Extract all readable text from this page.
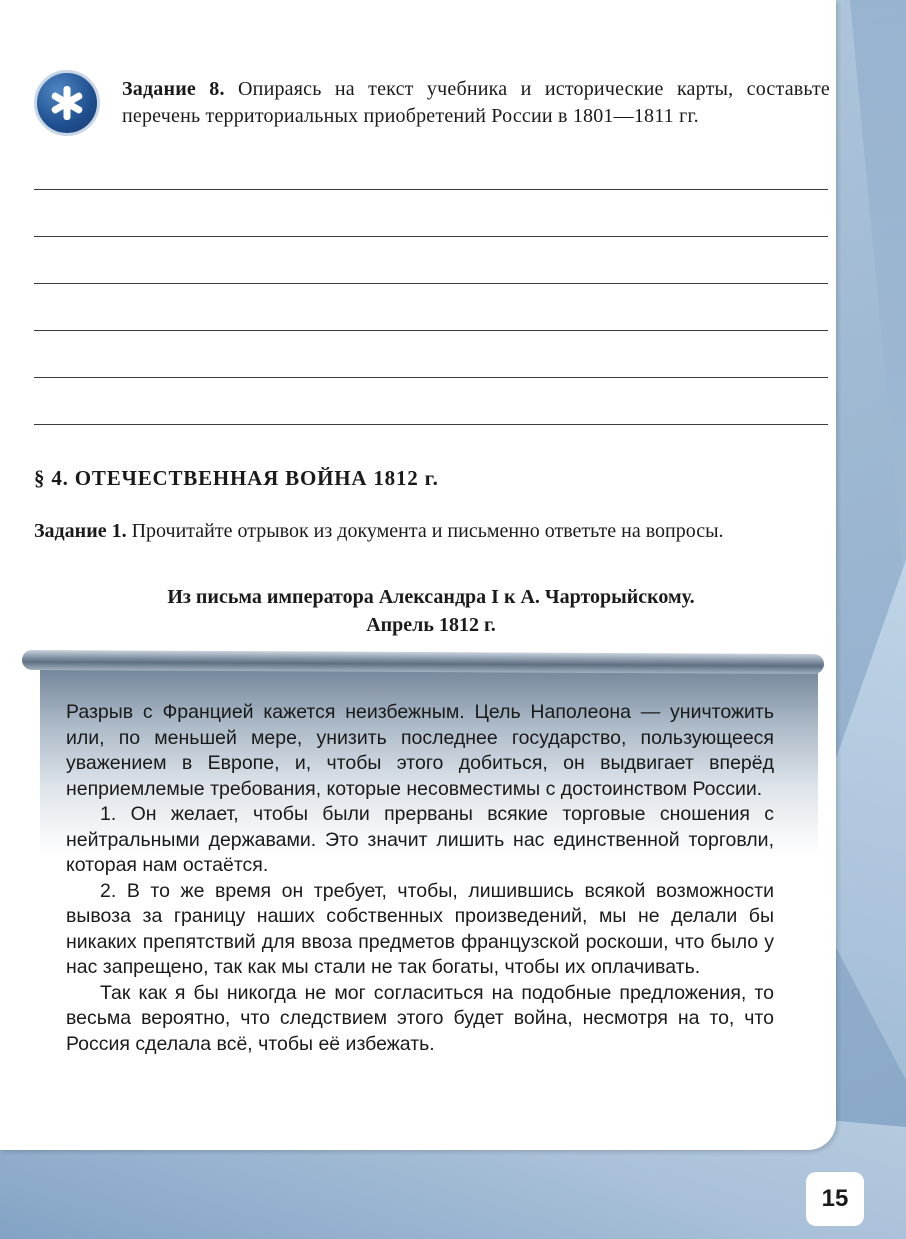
Задание 8. Опираясь на текст учебника и исторические карты, составьте перечень территориальных приобретений России в 1801—1811 гг.
§ 4. ОТЕЧЕСТВЕННАЯ ВОЙНА 1812 г.
Задание 1. Прочитайте отрывок из документа и письменно ответьте на вопросы.
Из письма императора Александра I к А. Чарторыйскому.
Апрель 1812 г.

Разрыв с Францией кажется неизбежным. Цель Наполеона — уничтожить или, по меньшей мере, унизить последнее государство, пользующееся уважением в Европе, и, чтобы этого добиться, он выдвигает вперёд неприемлемые требования, которые несовместимы с достоинством России.

1. Он желает, чтобы были прерваны всякие торговые сношения с нейтральными державами. Это значит лишить нас единственной торговли, которая нам остаётся.

2. В то же время он требует, чтобы, лишившись всякой возможности вывоза за границу наших собственных произведений, мы не делали бы никаких препятствий для ввоза предметов французской роскоши, что было у нас запрещено, так как мы стали не так богаты, чтобы их оплачивать.

Так как я бы никогда не мог согласиться на подобные предложения, то весьма вероятно, что следствием этого будет война, несмотря на то, что Россия сделала всё, чтобы её избежать.

15
